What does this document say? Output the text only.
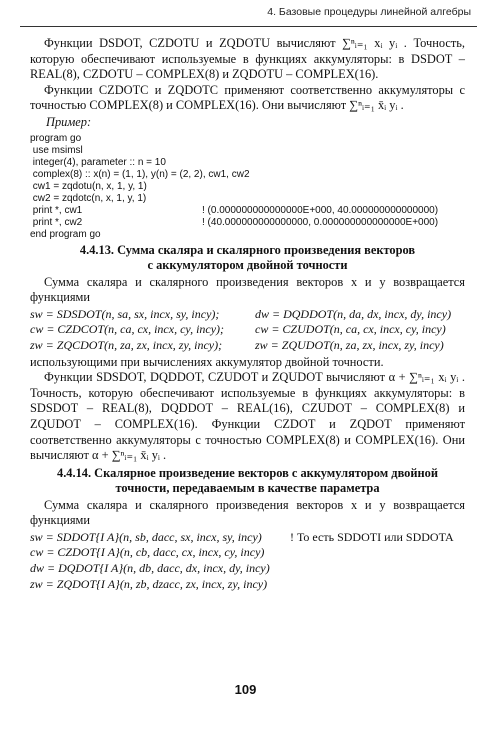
4. Базовые процедуры линейной алгебры

Функции DSDOT, CZDOTU и ZQDOTU вычисляют ∑ⁿᵢ₌₁ xᵢ yᵢ . Точность, которую обеспечивают используемые в функциях аккумуляторы: в DSDOT – REAL(8), CZDOTU – COMPLEX(8) и ZQDOTU – COMPLEX(16).

Функции CZDOTC и ZQDOTC применяют соответственно аккумуляторы с точностью COMPLEX(8) и COMPLEX(16). Они вычисляют ∑ⁿᵢ₌₁ x̄ᵢ yᵢ .

Пример:
program go
use msimsl
integer(4), parameter :: n = 10
complex(8) :: x(n) = (1, 1), y(n) = (2, 2), cw1, cw2
cw1 = zqdotu(n, x, 1, y, 1)
cw2 = zqdotc(n, x, 1, y, 1)
print *, cw1	! (0.000000000000000E+000, 40.000000000000000)
print *, cw2	! (40.000000000000000, 0.000000000000000E+000)
end program go
4.4.13. Сумма скаляра и скалярного произведения векторов
с аккумулятором двойной точности

Сумма скаляра и скалярного произведения векторов x и y возвращается функциями

sw = SDSDOT(n, sa, sx, incx, sy, incy);	dw = DQDDOT(n, da, dx, incx, dy, incy)
cw = CZDCOT(n, ca, cx, incx, cy, incy);	cw = CZUDOT(n, ca, cx, incx, cy, incy)
zw = ZQCDOT(n, za, zx, incx, zy, incy);	zw = ZQUDOT(n, za, zx, incx, zy, incy)

использующими при вычислениях аккумулятор двойной точности.

Функции SDSDOT, DQDDOT, CZUDOT и ZQUDOT вычисляют α + ∑ⁿᵢ₌₁ xᵢ yᵢ . Точность, которую обеспечивают используемые в функциях аккумуляторы: в SDSDOT – REAL(8), DQDDOT – REAL(16), CZUDOT – COMPLEX(8) и ZQUDOT – COMPLEX(16). Функции CZDOT и ZQDOT применяют соответственно аккумуляторы с точностью COMPLEX(8) и COMPLEX(16). Они вычисляют α + ∑ⁿᵢ₌₁ x̄ᵢ yᵢ .

4.4.14. Скалярное произведение векторов с аккумулятором двойной
точности, передаваемым в качестве параметра

Сумма скаляра и скалярного произведения векторов x и y возвращается функциями

sw = SDDOT{I A}(n, sb, dacc, sx, incx, sy, incy)	! То есть SDDOTI или SDDOTA
cw = CZDOT{I A}(n, cb, dacc, cx, incx, cy, incy)
dw = DQDOT{I A}(n, db, dacc, dx, incx, dy, incy)
zw = ZQDOT{I A}(n, zb, dzacc, zx, incx, zy, incy)
109
